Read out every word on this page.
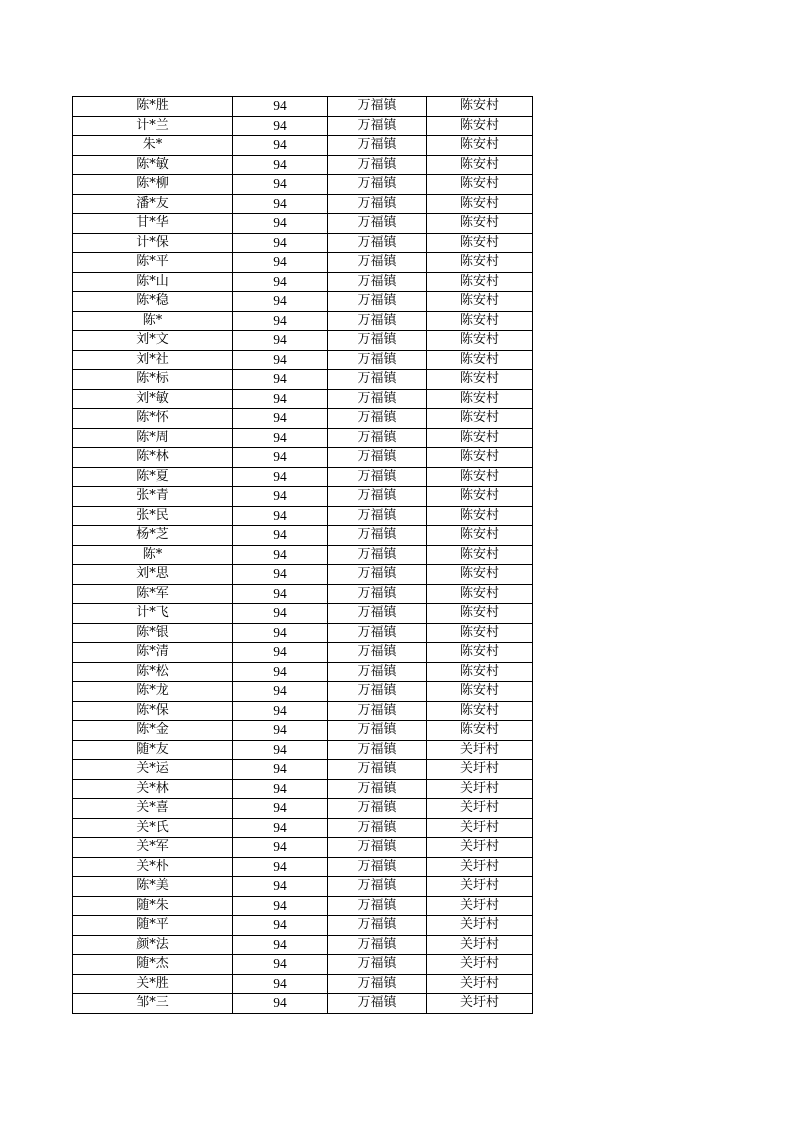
陈*胜	94	万福镇	陈安村
计*兰	94	万福镇	陈安村
朱*	94	万福镇	陈安村
陈*敏	94	万福镇	陈安村
陈*柳	94	万福镇	陈安村
潘*友	94	万福镇	陈安村
甘*华	94	万福镇	陈安村
计*保	94	万福镇	陈安村
陈*平	94	万福镇	陈安村
陈*山	94	万福镇	陈安村
陈*稳	94	万福镇	陈安村
陈*	94	万福镇	陈安村
刘*文	94	万福镇	陈安村
刘*社	94	万福镇	陈安村
陈*标	94	万福镇	陈安村
刘*敏	94	万福镇	陈安村
陈*怀	94	万福镇	陈安村
陈*周	94	万福镇	陈安村
陈*林	94	万福镇	陈安村
陈*夏	94	万福镇	陈安村
张*青	94	万福镇	陈安村
张*民	94	万福镇	陈安村
杨*芝	94	万福镇	陈安村
陈*	94	万福镇	陈安村
刘*思	94	万福镇	陈安村
陈*军	94	万福镇	陈安村
计*飞	94	万福镇	陈安村
陈*银	94	万福镇	陈安村
陈*清	94	万福镇	陈安村
陈*松	94	万福镇	陈安村
陈*龙	94	万福镇	陈安村
陈*保	94	万福镇	陈安村
陈*金	94	万福镇	陈安村
随*友	94	万福镇	关圩村
关*运	94	万福镇	关圩村
关*林	94	万福镇	关圩村
关*喜	94	万福镇	关圩村
关*氏	94	万福镇	关圩村
关*军	94	万福镇	关圩村
关*朴	94	万福镇	关圩村
陈*美	94	万福镇	关圩村
随*朱	94	万福镇	关圩村
随*平	94	万福镇	关圩村
颜*法	94	万福镇	关圩村
随*杰	94	万福镇	关圩村
关*胜	94	万福镇	关圩村
邹*三	94	万福镇	关圩村
